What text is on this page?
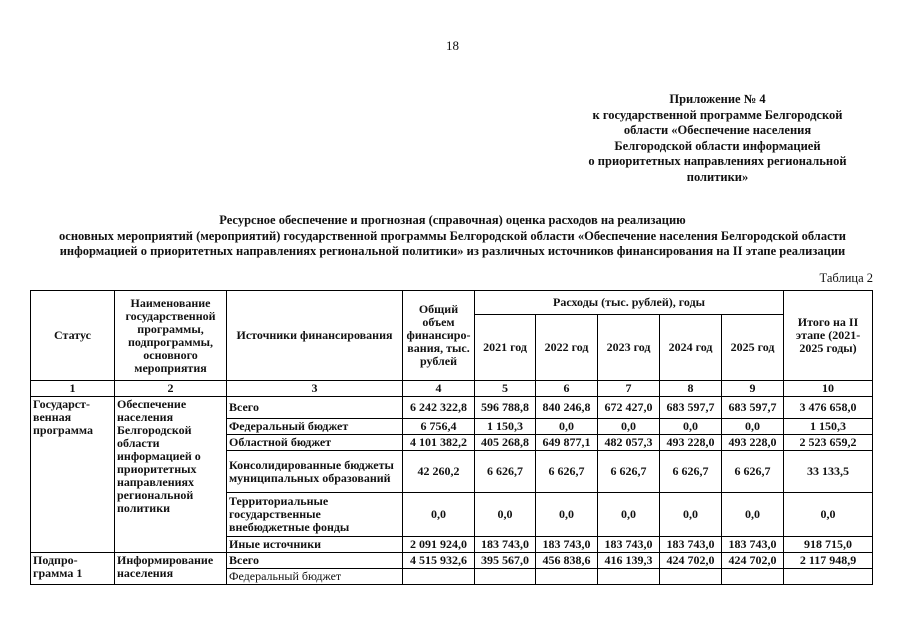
18
Приложение № 4
к государственной программе Белгородской
области «Обеспечение населения
Белгородской области информацией
о приоритетных направлениях региональной
политики»
Ресурсное обеспечение и прогнозная (справочная) оценка расходов на реализацию
основных мероприятий (мероприятий) государственной программы Белгородской области «Обеспечение населения Белгородской области
информацией о приоритетных направлениях региональной политики» из различных источников финансирования на II этапе реализации
Таблица 2
Статус	Наименование государственной программы, подпрограммы, основного мероприятия	Источники финансирования	Общий объем финансиро-вания, тыс. рублей	Расходы (тыс. рублей), годы					Итого на II этапе (2021-2025 годы)
				2021 год	2022 год	2023 год	2024 год	2025 год	
1	2	3	4	5	6	7	8	9	10
Государст-венная программа	Обеспечение населения Белгородской области информацией о приоритетных направлениях региональной политики	Всего	6 242 322,8	596 788,8	840 246,8	672 427,0	683 597,7	683 597,7	3 476 658,0
		Федеральный бюджет	6 756,4	1 150,3	0,0	0,0	0,0	0,0	1 150,3
		Областной бюджет	4 101 382,2	405 268,8	649 877,1	482 057,3	493 228,0	493 228,0	2 523 659,2
		Консолидированные бюджеты муниципальных образований	42 260,2	6 626,7	6 626,7	6 626,7	6 626,7	6 626,7	33 133,5
		Территориальные государственные внебюджетные фонды	0,0	0,0	0,0	0,0	0,0	0,0	0,0
		Иные источники	2 091 924,0	183 743,0	183 743,0	183 743,0	183 743,0	183 743,0	918 715,0
Подпро-грамма 1	Информирование населения	Всего	4 515 932,6	395 567,0	456 838,6	416 139,3	424 702,0	424 702,0	2 117 948,9
		Федеральный бюджет							
